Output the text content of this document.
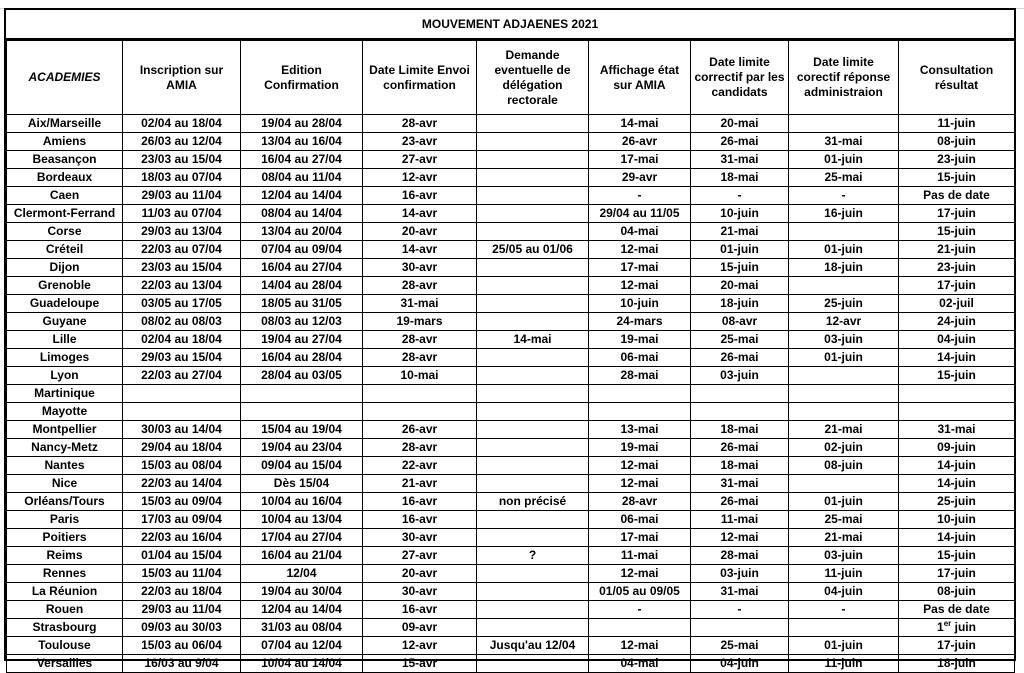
MOUVEMENT ADJAENES 2021
ACADEMIES	Inscription sur AMIA	Edition Confirmation	Date Limite Envoi confirmation	Demande eventuelle de délégation rectorale	Affichage état sur AMIA	Date limite correctif par les candidats	Date limite corectif réponse administraion	Consultation résultat
Aix/Marseille	02/04 au 18/04	19/04 au 28/04	28-avr		14-mai	20-mai		11-juin
Amiens	26/03 au 12/04	13/04 au 16/04	23-avr		26-avr	26-mai	31-mai	08-juin
Beasançon	23/03 au 15/04	16/04 au 27/04	27-avr		17-mai	31-mai	01-juin	23-juin
Bordeaux	18/03 au 07/04	08/04 au 11/04	12-avr		29-avr	18-mai	25-mai	15-juin
Caen	29/03 au 11/04	12/04 au 14/04	16-avr		-	-	-	Pas de date
Clermont-Ferrand	11/03 au 07/04	08/04 au 14/04	14-avr		29/04 au 11/05	10-juin	16-juin	17-juin
Corse	29/03 au 13/04	13/04 au 20/04	20-avr		04-mai	21-mai		15-juin
Créteil	22/03 au 07/04	07/04 au 09/04	14-avr	25/05 au 01/06	12-mai	01-juin	01-juin	21-juin
Dijon	23/03 au 15/04	16/04 au 27/04	30-avr		17-mai	15-juin	18-juin	23-juin
Grenoble	22/03 au 13/04	14/04 au 28/04	28-avr		12-mai	20-mai		17-juin
Guadeloupe	03/05 au 17/05	18/05 au 31/05	31-mai		10-juin	18-juin	25-juin	02-juil
Guyane	08/02 au 08/03	08/03 au 12/03	19-mars		24-mars	08-avr	12-avr	24-juin
Lille	02/04 au 18/04	19/04 au 27/04	28-avr	14-mai	19-mai	25-mai	03-juin	04-juin
Limoges	29/03 au 15/04	16/04 au 28/04	28-avr		06-mai	26-mai	01-juin	14-juin
Lyon	22/03 au 27/04	28/04 au 03/05	10-mai		28-mai	03-juin		15-juin
Martinique								
Mayotte								
Montpellier	30/03 au 14/04	15/04 au 19/04	26-avr		13-mai	18-mai	21-mai	31-mai
Nancy-Metz	29/04 au 18/04	19/04 au 23/04	28-avr		19-mai	26-mai	02-juin	09-juin
Nantes	15/03 au 08/04	09/04 au 15/04	22-avr		12-mai	18-mai	08-juin	14-juin
Nice	22/03 au 14/04	Dès 15/04	21-avr		12-mai	31-mai		14-juin
Orléans/Tours	15/03 au 09/04	10/04 au 16/04	16-avr	non précisé	28-avr	26-mai	01-juin	25-juin
Paris	17/03 au 09/04	10/04 au 13/04	16-avr		06-mai	11-mai	25-mai	10-juin
Poitiers	22/03 au 16/04	17/04 au 27/04	30-avr		17-mai	12-mai	21-mai	14-juin
Reims	01/04 au 15/04	16/04 au 21/04	27-avr	?	11-mai	28-mai	03-juin	15-juin
Rennes	15/03 au 11/04	12/04	20-avr		12-mai	03-juin	11-juin	17-juin
La Réunion	22/03 au 18/04	19/04 au 30/04	30-avr		01/05 au 09/05	31-mai	04-juin	08-juin
Rouen	29/03 au 11/04	12/04 au 14/04	16-avr		-	-	-	Pas de date
Strasbourg	09/03 au 30/03	31/03 au 08/04	09-avr					1er juin
Toulouse	15/03 au 06/04	07/04 au 12/04	12-avr	Jusqu'au 12/04	12-mai	25-mai	01-juin	17-juin
Versailles	16/03 au 9/04	10/04 au 14/04	15-avr		04-mai	04-juin	11-juin	18-juin
